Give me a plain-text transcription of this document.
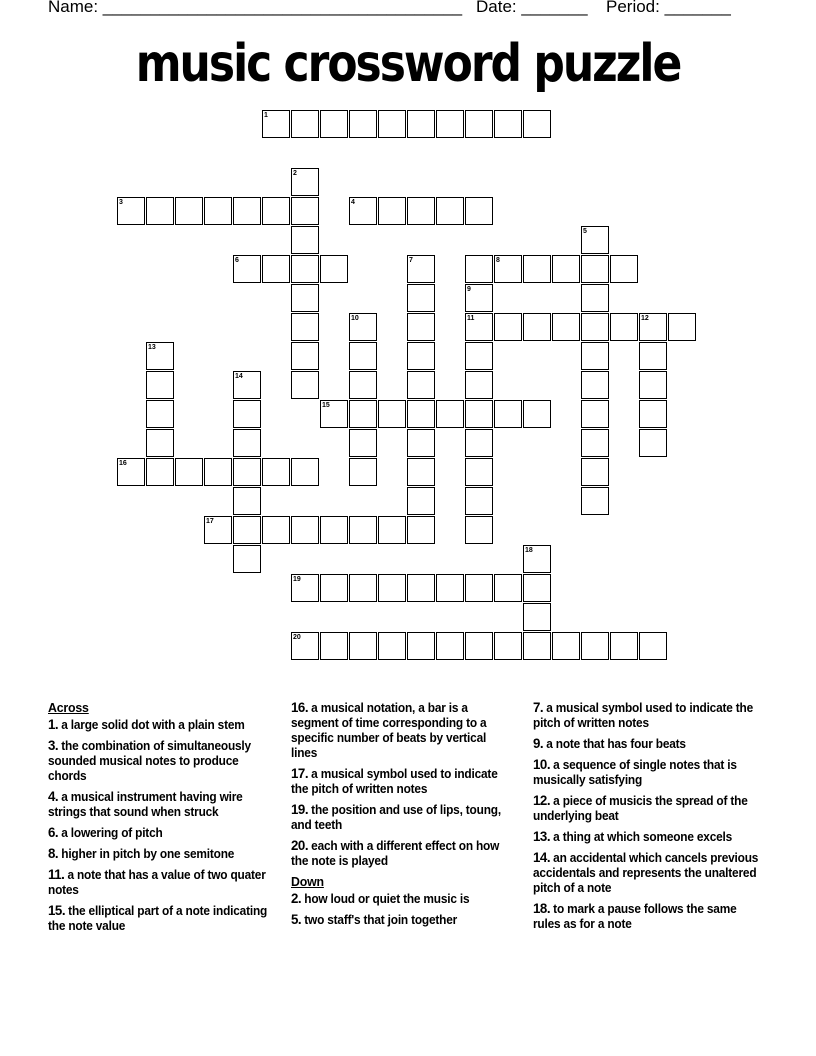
Name: ______________________________________ Date: _______ Period: _______
music crossword puzzle
1
2
3	4
5
6	7	8
9
10	11	12
13
14
15
16
17
18
19
20
Across
1. a large solid dot with a plain stem
3. the combination of simultaneously sounded musical notes to produce chords
4. a musical instrument having wire strings that sound when struck
6. a lowering of pitch
8. higher in pitch by one semitone
11. a note that has a value of two quater notes
15. the elliptical part of a note indicating the note value
16. a musical notation, a bar is a segment of time corresponding to a specific number of beats by vertical lines
17. a musical symbol used to indicate the pitch of written notes
19. the position and use of lips, toung, and teeth
20. each with a different effect on how the note is played
Down
2. how loud or quiet the music is
5. two staff's that join together
7. a musical symbol used to indicate the pitch of written notes
9. a note that has four beats
10. a sequence of single notes that is musically satisfying
12. a piece of musicis the spread of the underlying beat
13. a thing at which someone excels
14. an accidental which cancels previous accidentals and represents the unaltered pitch of a note
18. to mark a pause follows the same rules as for a note
